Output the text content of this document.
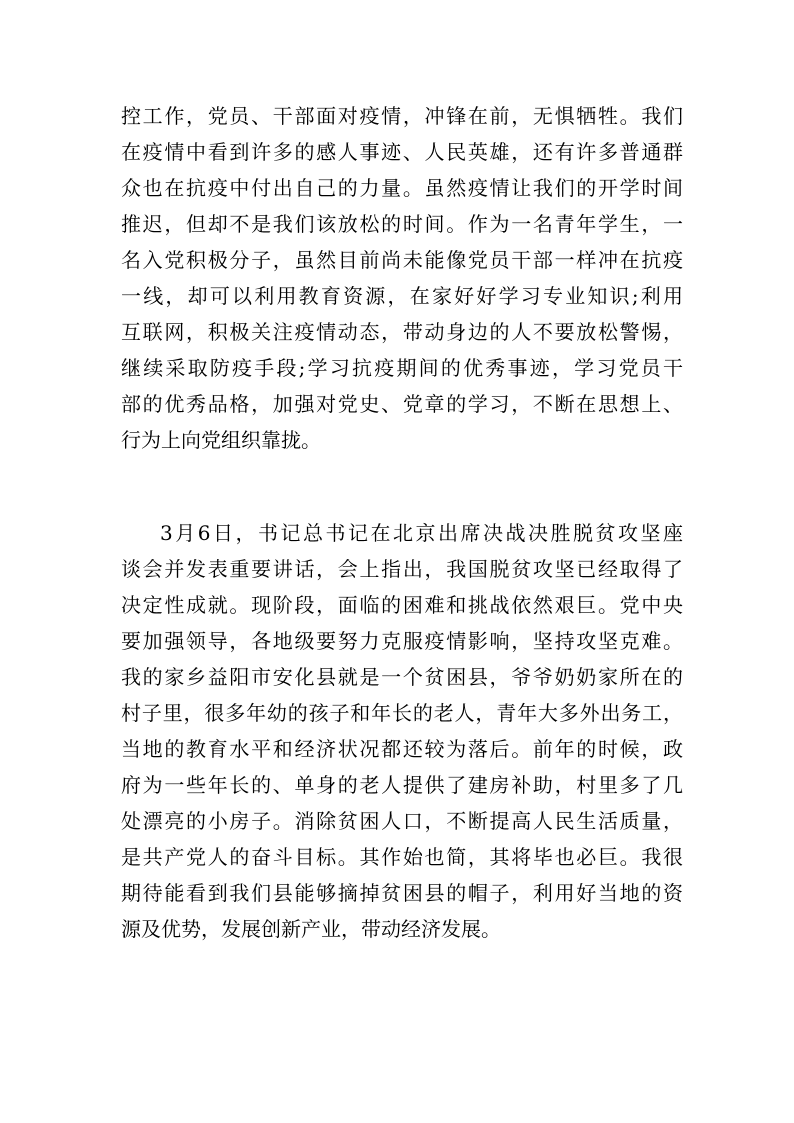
控工作，党员、干部面对疫情，冲锋在前，无惧牺牲。我们
在疫情中看到许多的感人事迹、人民英雄，还有许多普通群
众也在抗疫中付出自己的力量。虽然疫情让我们的开学时间
推迟，但却不是我们该放松的时间。作为一名青年学生，一
名入党积极分子，虽然目前尚未能像党员干部一样冲在抗疫
一线，却可以利用教育资源，在家好好学习专业知识;利用
互联网，积极关注疫情动态，带动身边的人不要放松警惕，
继续采取防疫手段;学习抗疫期间的优秀事迹，学习党员干
部的优秀品格，加强对党史、党章的学习，不断在思想上、
行为上向党组织靠拢。
3月6日，书记总书记在北京出席决战决胜脱贫攻坚座
谈会并发表重要讲话，会上指出，我国脱贫攻坚已经取得了
决定性成就。现阶段，面临的困难和挑战依然艰巨。党中央
要加强领导，各地级要努力克服疫情影响，坚持攻坚克难。
我的家乡益阳市安化县就是一个贫困县，爷爷奶奶家所在的
村子里，很多年幼的孩子和年长的老人，青年大多外出务工，
当地的教育水平和经济状况都还较为落后。前年的时候，政
府为一些年长的、单身的老人提供了建房补助，村里多了几
处漂亮的小房子。消除贫困人口，不断提高人民生活质量，
是共产党人的奋斗目标。其作始也简，其将毕也必巨。我很
期待能看到我们县能够摘掉贫困县的帽子，利用好当地的资
源及优势，发展创新产业，带动经济发展。
